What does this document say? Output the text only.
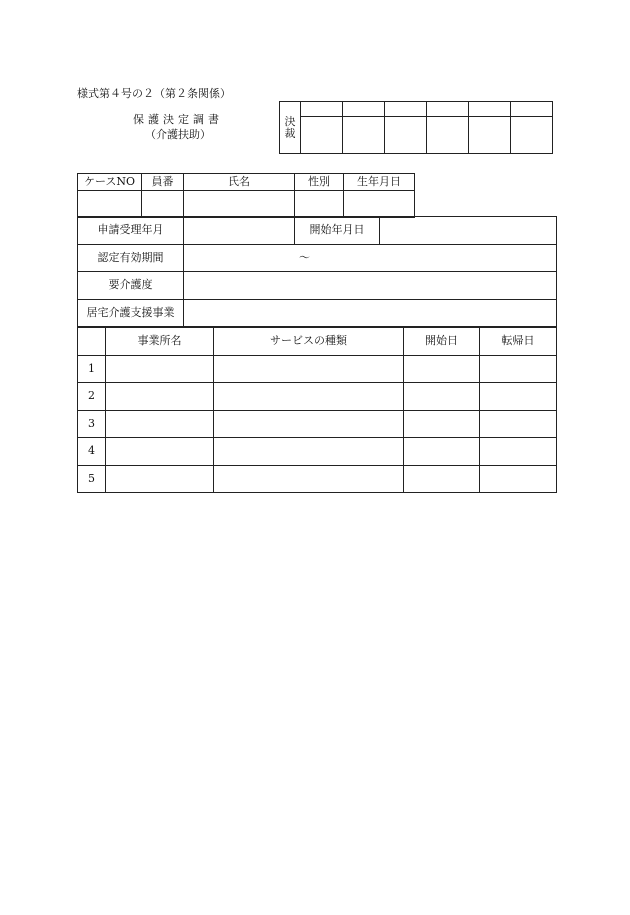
様式第４号の２（第２条関係）
保護決定調書
（介護扶助）
決
裁						

ケースNO	員番	氏名	性別	生年月日

申請受理年月		開始年月日	
認定有効期間	～		
要介護度			
居宅介護支援事業			
	事業所名	サービスの種類	開始日	転帰日
1				
2				
3				
4				
5				
